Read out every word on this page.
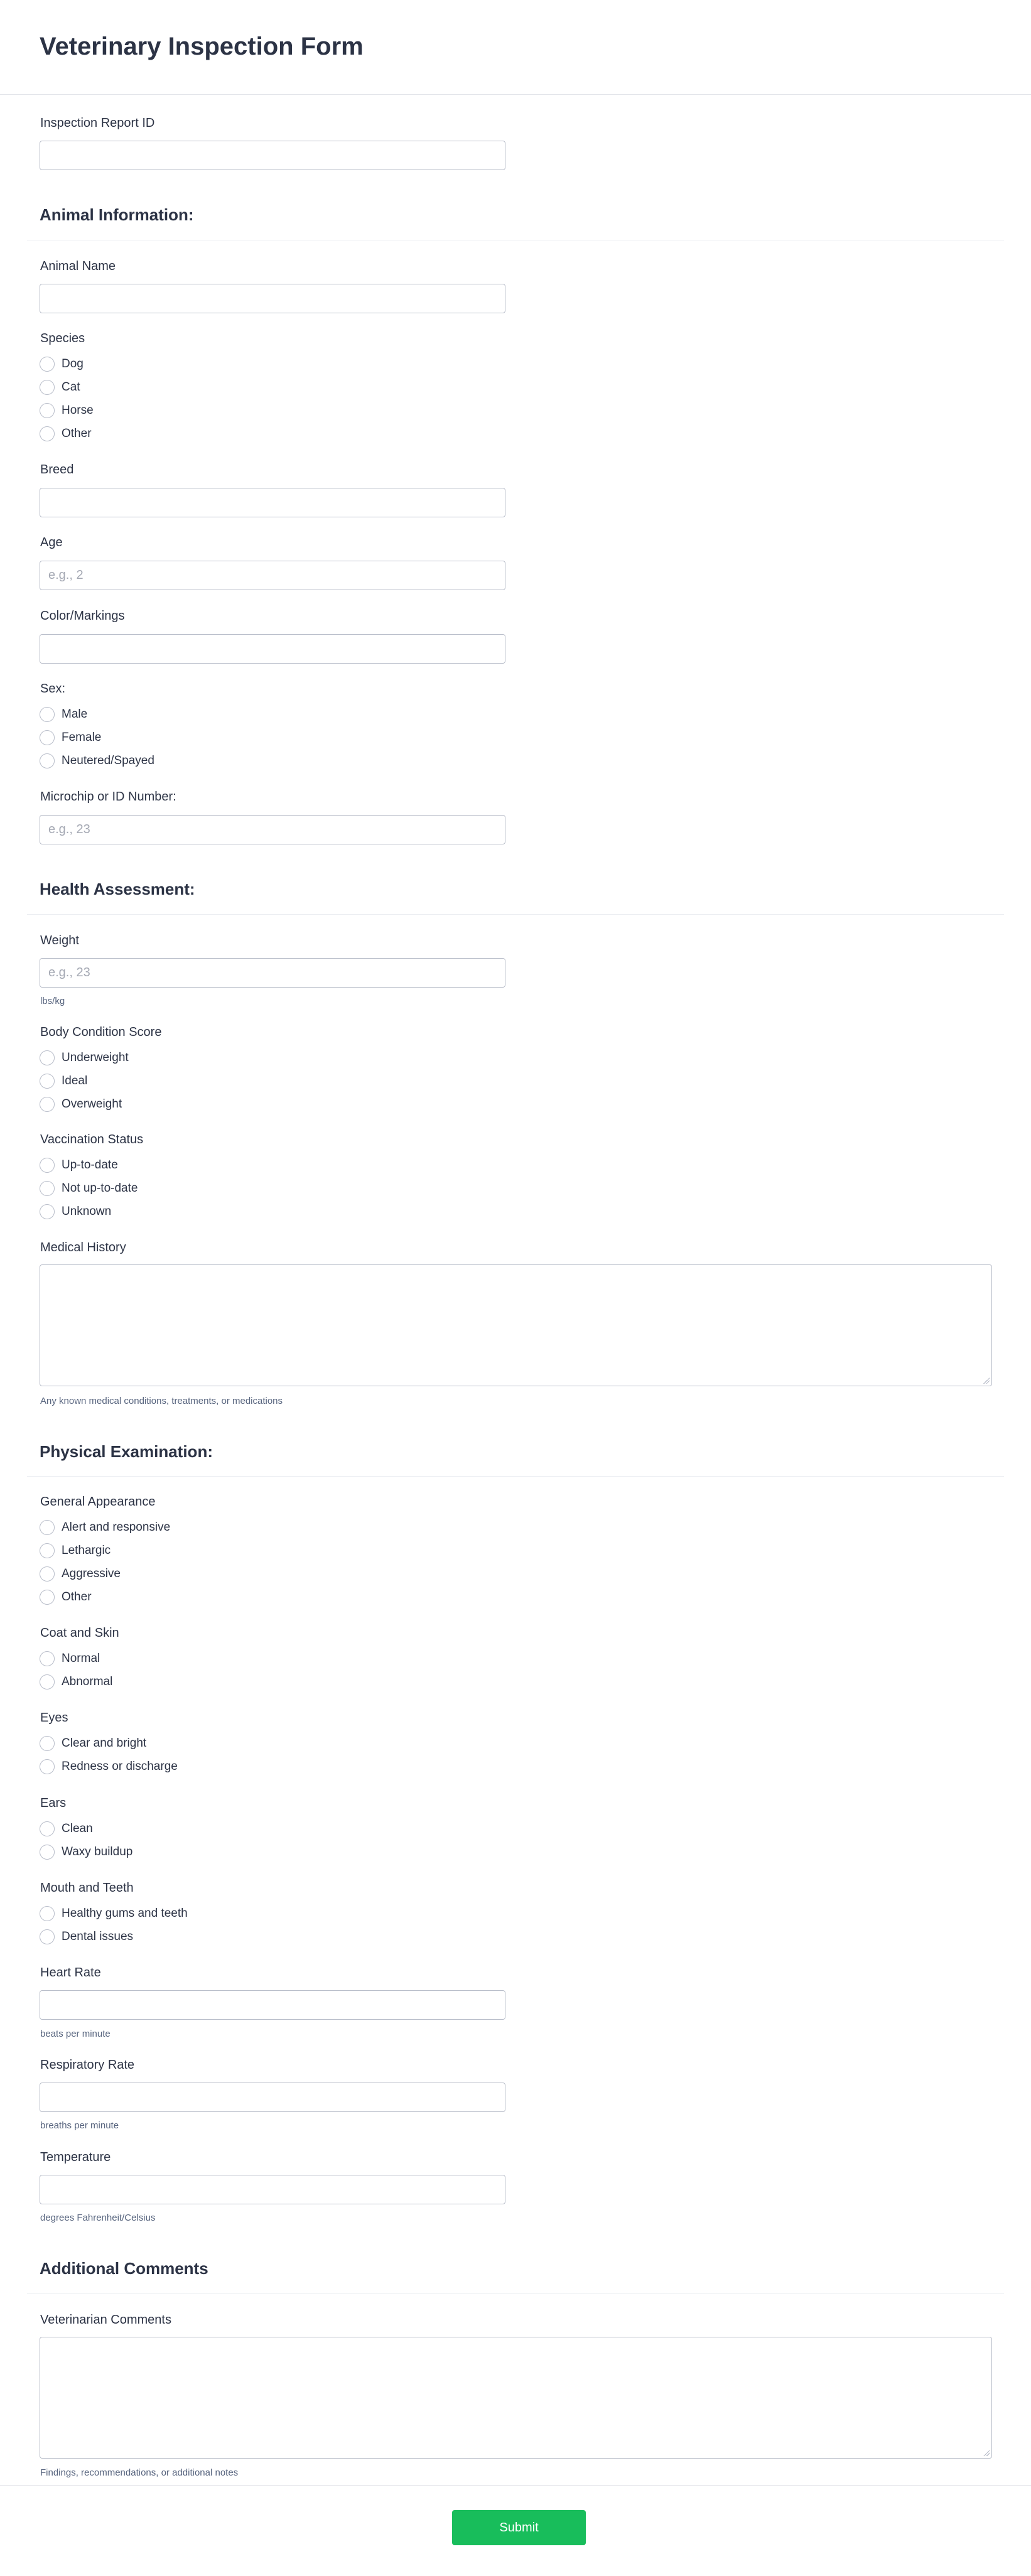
Veterinary Inspection Form
Inspection Report ID
Animal Information:
Animal Name
Species
Dog
Cat
Horse
Other
Breed
Age
e.g., 2
Color/Markings
Sex:
Male
Female
Neutered/Spayed
Microchip or ID Number:
e.g., 23
Health Assessment:
Weight
e.g., 23
lbs/kg
Body Condition Score
Underweight
Ideal
Overweight
Vaccination Status
Up-to-date
Not up-to-date
Unknown
Medical History
Any known medical conditions, treatments, or medications
Physical Examination:
General Appearance
Alert and responsive
Lethargic
Aggressive
Other
Coat and Skin
Normal
Abnormal
Eyes
Clear and bright
Redness or discharge
Ears
Clean
Waxy buildup
Mouth and Teeth
Healthy gums and teeth
Dental issues
Heart Rate
beats per minute
Respiratory Rate
breaths per minute
Temperature
degrees Fahrenheit/Celsius
Additional Comments
Veterinarian Comments
Findings, recommendations, or additional notes
Submit
